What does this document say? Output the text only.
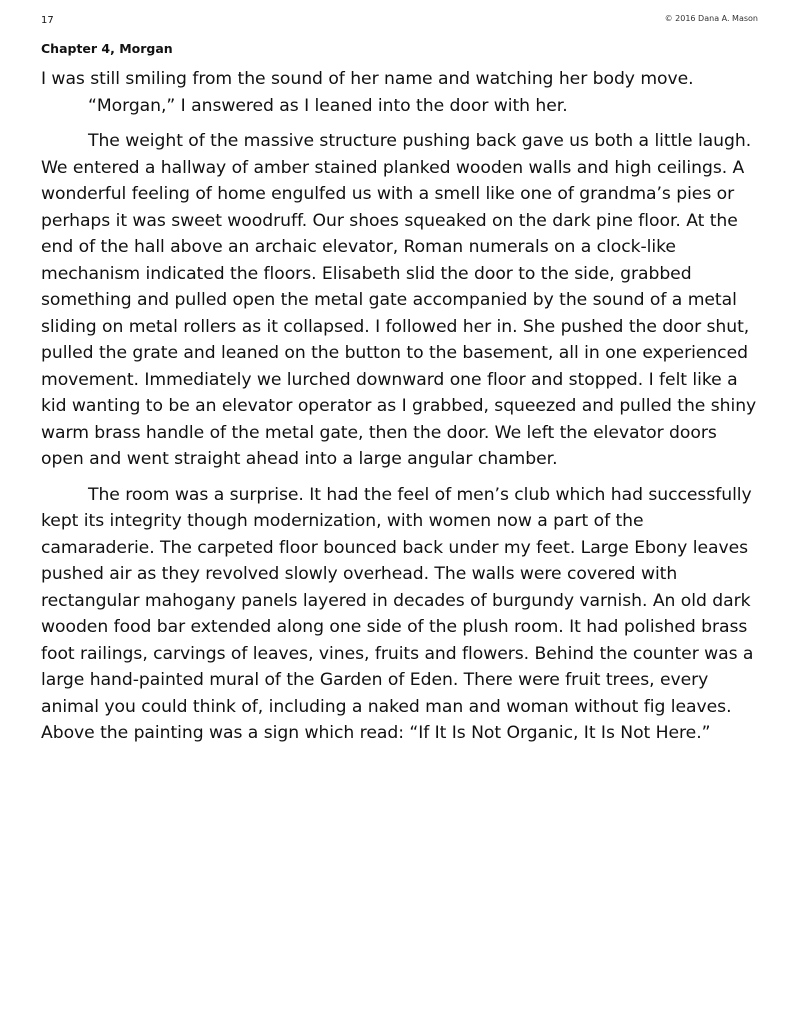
17	© 2016 Dana A. Mason
Chapter 4, Morgan

I was still smiling from the sound of her name and watching her body move.

“Morgan,” I answered as I leaned into the door with her.

The weight of the massive structure pushing back gave us both a little laugh. We entered a hallway of amber stained planked wooden walls and high ceilings. A wonderful feeling of home engulfed us with a smell like one of grandma’s pies or perhaps it was sweet woodruff. Our shoes squeaked on the dark pine floor. At the end of the hall above an archaic elevator, Roman numerals on a clock-like mechanism indicated the floors. Elisabeth slid the door to the side, grabbed something and pulled open the metal gate accompanied by the sound of a metal sliding on metal rollers as it collapsed. I followed her in. She pushed the door shut, pulled the grate and leaned on the button to the basement, all in one experienced movement. Immediately we lurched downward one floor and stopped. I felt like a kid wanting to be an elevator operator as I grabbed, squeezed and pulled the shiny warm brass handle of the metal gate, then the door. We left the elevator doors open and went straight ahead into a large angular chamber.

The room was a surprise. It had the feel of men’s club which had successfully kept its integrity though modernization, with women now a part of the camaraderie. The carpeted floor bounced back under my feet. Large Ebony leaves pushed air as they revolved slowly overhead. The walls were covered with rectangular mahogany panels layered in decades of burgundy varnish. An old dark wooden food bar extended along one side of the plush room. It had polished brass foot railings, carvings of leaves, vines, fruits and flowers. Behind the counter was a large hand-painted mural of the Garden of Eden. There were fruit trees, every animal you could think of, including a naked man and woman without fig leaves. Above the painting was a sign which read: “If It Is Not Organic, It Is Not Here.”
